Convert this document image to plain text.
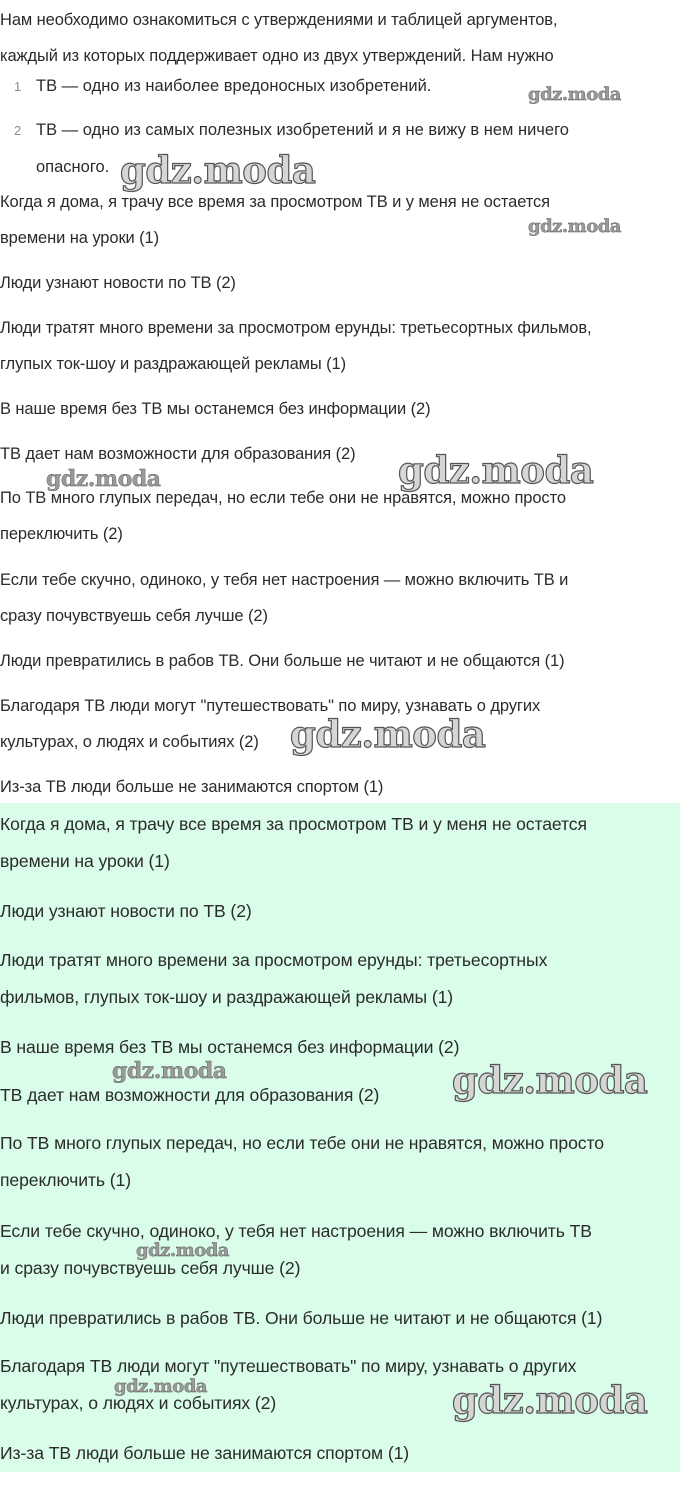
Нам необходимо ознакомиться с утверждениями и таблицей аргументов,
каждый из которых поддерживает одно из двух утверждений. Нам нужно
1 ТВ — одно из наиболее вредоносных изобретений.
2 ТВ — одно из самых полезных изобретений и я не вижу в нем ничего
опасного.
Когда я дома, я трачу все время за просмотром ТВ и у меня не остается
времени на уроки (1)
Люди узнают новости по ТВ (2)
Люди тратят много времени за просмотром ерунды: третьесортных фильмов,
глупых ток-шоу и раздражающей рекламы (1)
В наше время без ТВ мы останемся без информации (2)
ТВ дает нам возможности для образования (2)
По ТВ много глупых передач, но если тебе они не нравятся, можно просто
переключить (2)
Если тебе скучно, одиноко, у тебя нет настроения — можно включить ТВ и
сразу почувствуешь себя лучше (2)
Люди превратились в рабов ТВ. Они больше не читают и не общаются (1)
Благодаря ТВ люди могут "путешествовать" по миру, узнавать о других
культурах, о людях и событиях (2)
Из-за ТВ люди больше не занимаются спортом (1)
Когда я дома, я трачу все время за просмотром ТВ и у меня не остается
времени на уроки (1)
Люди узнают новости по ТВ (2)
Люди тратят много времени за просмотром ерунды: третьесортных
фильмов, глупых ток-шоу и раздражающей рекламы (1)
В наше время без ТВ мы останемся без информации (2)
ТВ дает нам возможности для образования (2)
По ТВ много глупых передач, но если тебе они не нравятся, можно просто
переключить (1)
Если тебе скучно, одиноко, у тебя нет настроения — можно включить ТВ
и сразу почувствуешь себя лучше (2)
Люди превратились в рабов ТВ. Они больше не читают и не общаются (1)
Благодаря ТВ люди могут "путешествовать" по миру, узнавать о других
культурах, о людях и событиях (2)
Из-за ТВ люди больше не занимаются спортом (1)
gdz.moda
gdz.moda
gdz.moda
gdz.moda	gdz.moda
gdz.moda
gdz.moda	gdz.moda
gdz.moda
gdz.moda	gdz.moda
